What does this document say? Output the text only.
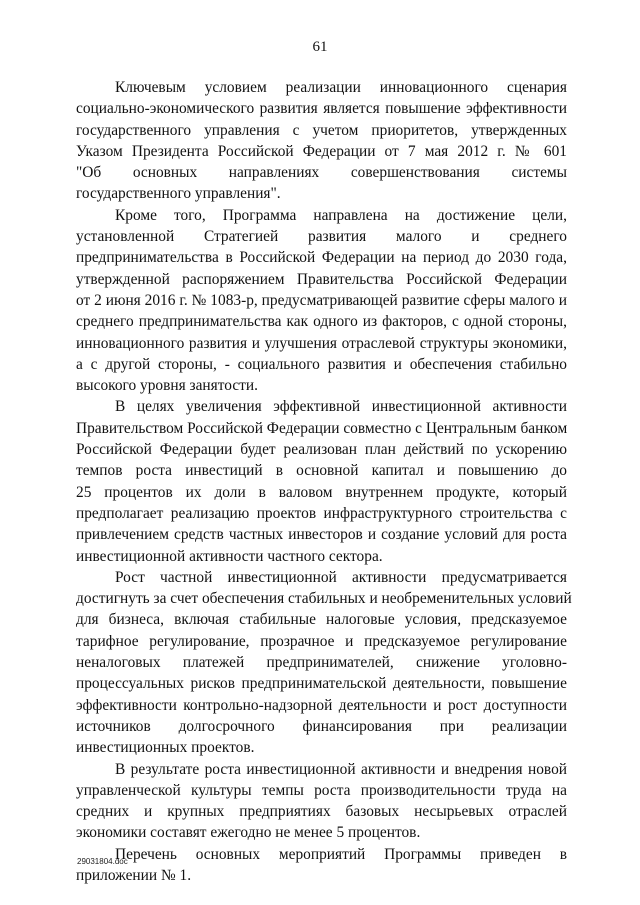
61

Ключевым условием реализации инновационного сценария
социально-экономического развития является повышение эффективности
государственного управления с учетом приоритетов, утвержденных
Указом Президента Российской Федерации от 7 мая 2012 г. № 601
"Об основных направлениях совершенствования системы
государственного управления".

Кроме того, Программа направлена на достижение цели,
установленной Стратегией развития малого и среднего
предпринимательства в Российской Федерации на период до 2030 года,
утвержденной распоряжением Правительства Российской Федерации
от 2 июня 2016 г. № 1083-р, предусматривающей развитие сферы малого и
среднего предпринимательства как одного из факторов, с одной стороны,
инновационного развития и улучшения отраслевой структуры экономики,
а с другой стороны, - социального развития и обеспечения стабильно
высокого уровня занятости.

В целях увеличения эффективной инвестиционной активности
Правительством Российской Федерации совместно с Центральным банком
Российской Федерации будет реализован план действий по ускорению
темпов роста инвестиций в основной капитал и повышению до
25 процентов их доли в валовом внутреннем продукте, который
предполагает реализацию проектов инфраструктурного строительства с
привлечением средств частных инвесторов и создание условий для роста
инвестиционной активности частного сектора.

Рост частной инвестиционной активности предусматривается
достигнуть за счет обеспечения стабильных и необременительных условий
для бизнеса, включая стабильные налоговые условия, предсказуемое
тарифное регулирование, прозрачное и предсказуемое регулирование
неналоговых платежей предпринимателей, снижение уголовно-
процессуальных рисков предпринимательской деятельности, повышение
эффективности контрольно-надзорной деятельности и рост доступности
источников долгосрочного финансирования при реализации
инвестиционных проектов.

В результате роста инвестиционной активности и внедрения новой
управленческой культуры темпы роста производительности труда на
средних и крупных предприятиях базовых несырьевых отраслей
экономики составят ежегодно не менее 5 процентов.

Перечень основных мероприятий Программы приведен в
приложении № 1.

29031804.doc
